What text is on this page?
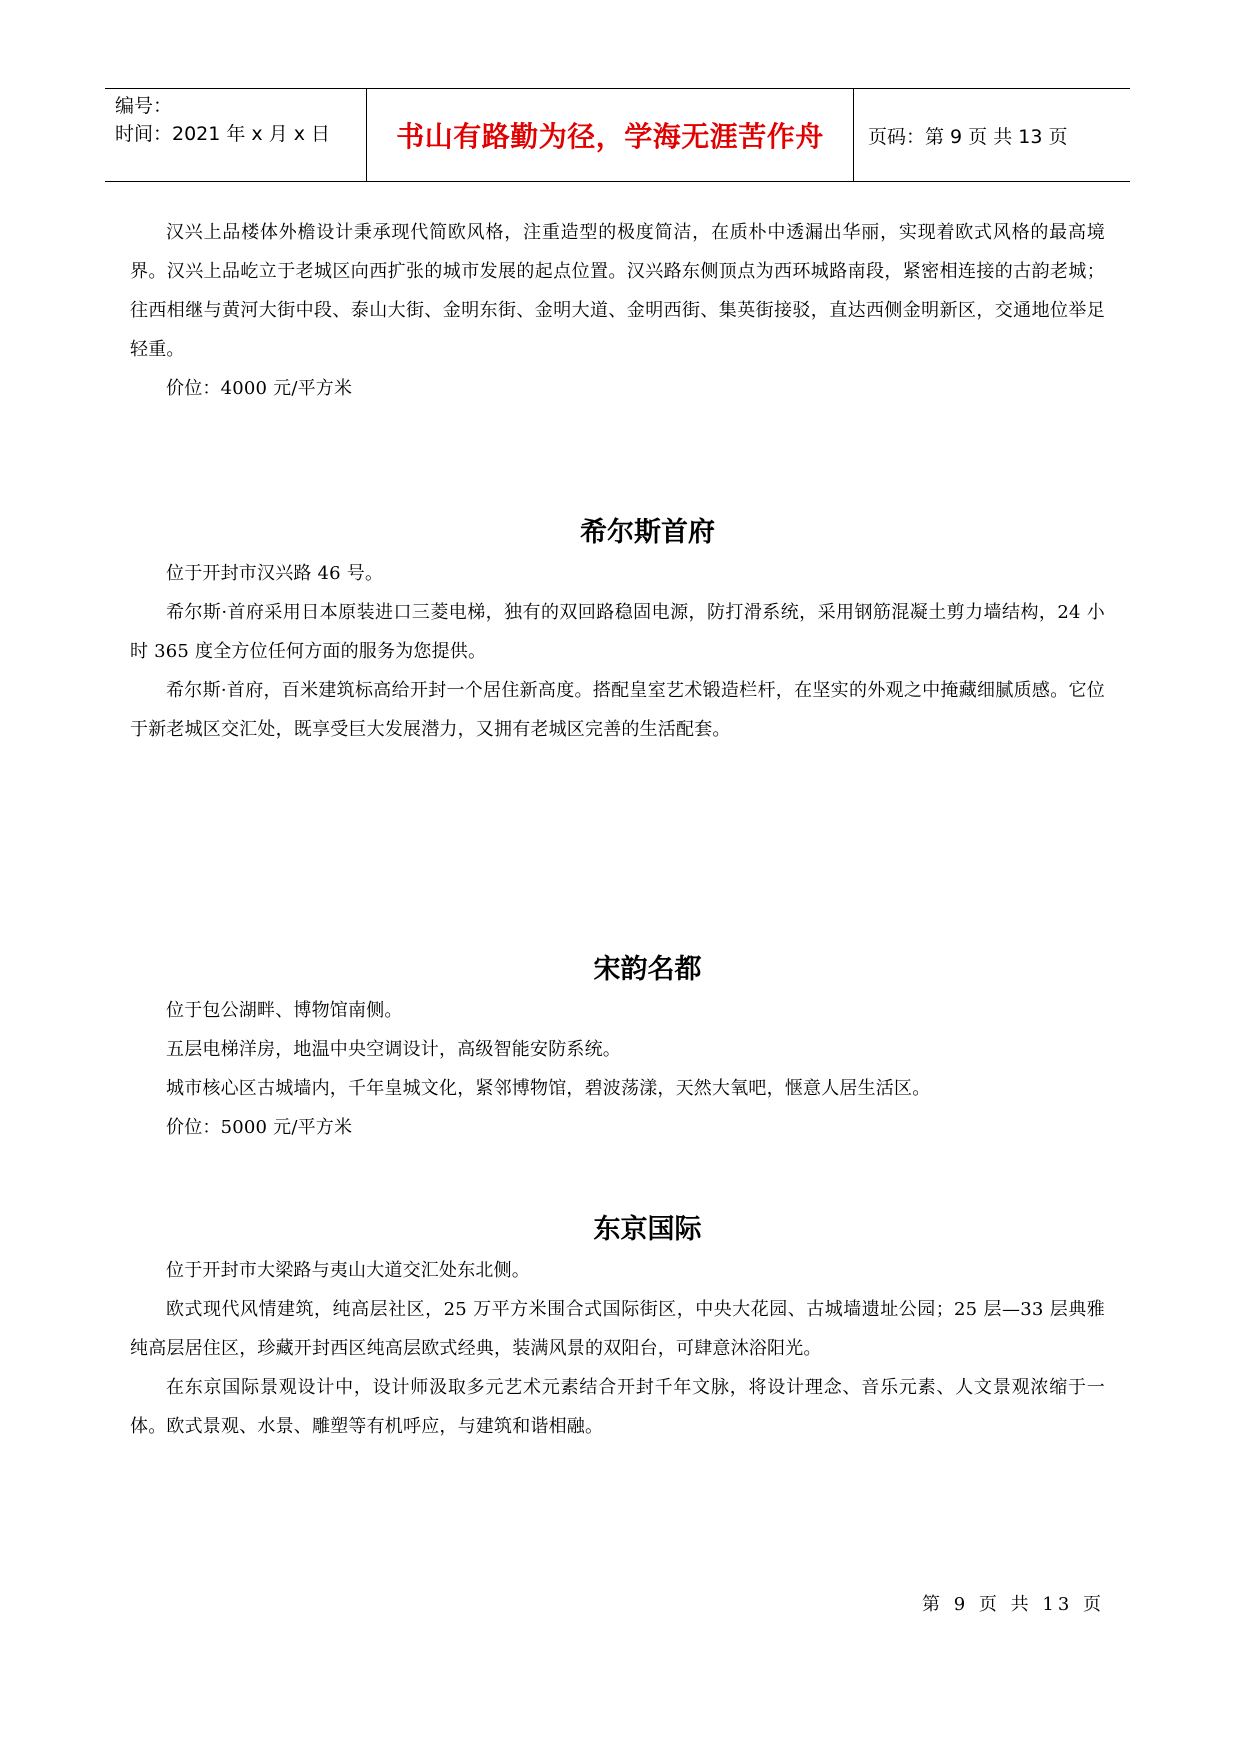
编号：
时间：2021 年 x 月 x 日	书山有路勤为径，学海无涯苦作舟 页码：第 9 页 共 13 页

汉兴上品楼体外檐设计秉承现代简欧风格，注重造型的极度简洁，在质朴中透漏出华丽，实现着欧式风格的最高境界。汉兴上品屹立于老城区向西扩张的城市发展的起点位置。汉兴路东侧顶点为西环城路南段，紧密相连接的古韵老城；往西相继与黄河大街中段、泰山大街、金明东街、金明大道、金明西街、集英街接驳，直达西侧金明新区，交通地位举足轻重。

价位：4000 元/平方米

希尔斯首府

位于开封市汉兴路 46 号。

希尔斯·首府采用日本原装进口三菱电梯，独有的双回路稳固电源，防打滑系统，采用钢筋混凝土剪力墙结构，24 小时 365 度全方位任何方面的服务为您提供。

希尔斯·首府，百米建筑标高给开封一个居住新高度。搭配皇室艺术锻造栏杆，在坚实的外观之中掩藏细腻质感。它位于新老城区交汇处，既享受巨大发展潜力，又拥有老城区完善的生活配套。

宋韵名都

位于包公湖畔、博物馆南侧。

五层电梯洋房，地温中央空调设计，高级智能安防系统。

城市核心区古城墙内，千年皇城文化，紧邻博物馆，碧波荡漾，天然大氧吧，惬意人居生活区。

价位：5000 元/平方米

东京国际

位于开封市大梁路与夷山大道交汇处东北侧。

欧式现代风情建筑，纯高层社区，25 万平方米围合式国际街区，中央大花园、古城墙遗址公园；25 层—33 层典雅纯高层居住区，珍藏开封西区纯高层欧式经典，装满风景的双阳台，可肆意沐浴阳光。

在东京国际景观设计中，设计师汲取多元艺术元素结合开封千年文脉，将设计理念、音乐元素、人文景观浓缩于一体。欧式景观、水景、雕塑等有机呼应，与建筑和谐相融。

第 9 页 共 13 页
